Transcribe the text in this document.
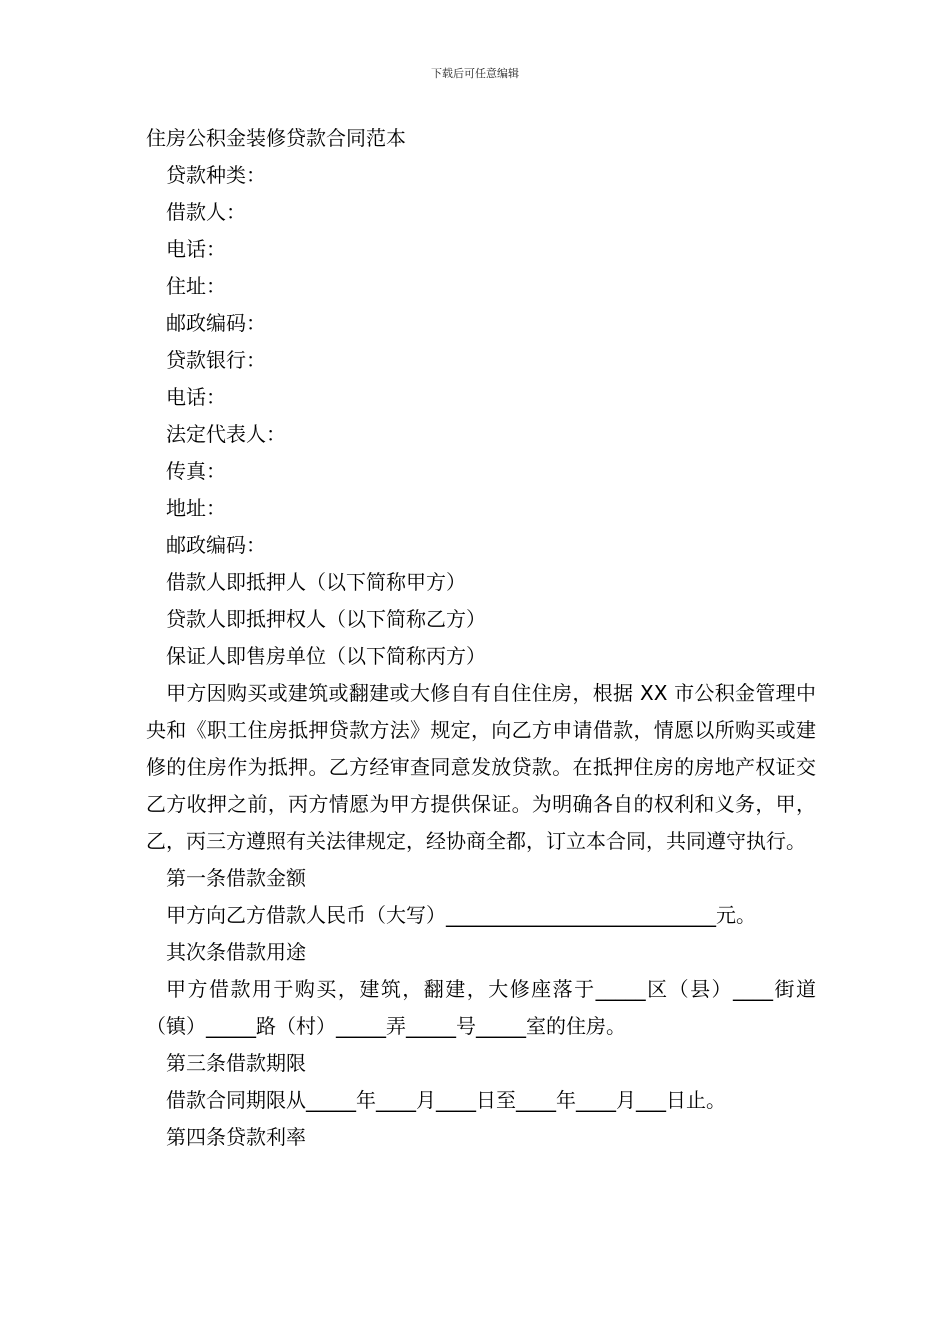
下载后可任意编辑
住房公积金装修贷款合同范本
贷款种类：
借款人：
电话：
住址：
邮政编码：
贷款银行：
电话：
法定代表人：
传真：
地址：
邮政编码：
借款人即抵押人（以下简称甲方）
贷款人即抵押权人（以下简称乙方）
保证人即售房单位（以下简称丙方）
甲方因购买或建筑或翻建或大修自有自住住房，根据 XX 市公积金管理中央和《职工住房抵押贷款方法》规定，向乙方申请借款，情愿以所购买或建修的住房作为抵押。乙方经审查同意发放贷款。在抵押住房的房地产权证交乙方收押之前，丙方情愿为甲方提供保证。为明确各自的权利和义务，甲，乙，丙三方遵照有关法律规定，经协商全都，订立本合同，共同遵守执行。
第一条借款金额
甲方向乙方借款人民币（大写）___________________________元。
其次条借款用途
甲方借款用于购买，建筑，翻建，大修座落于_____区（县）____街道（镇）_____路（村）_____弄_____号_____室的住房。
第三条借款期限
借款合同期限从_____年____月____日至____年____月___日止。
第四条贷款利率
